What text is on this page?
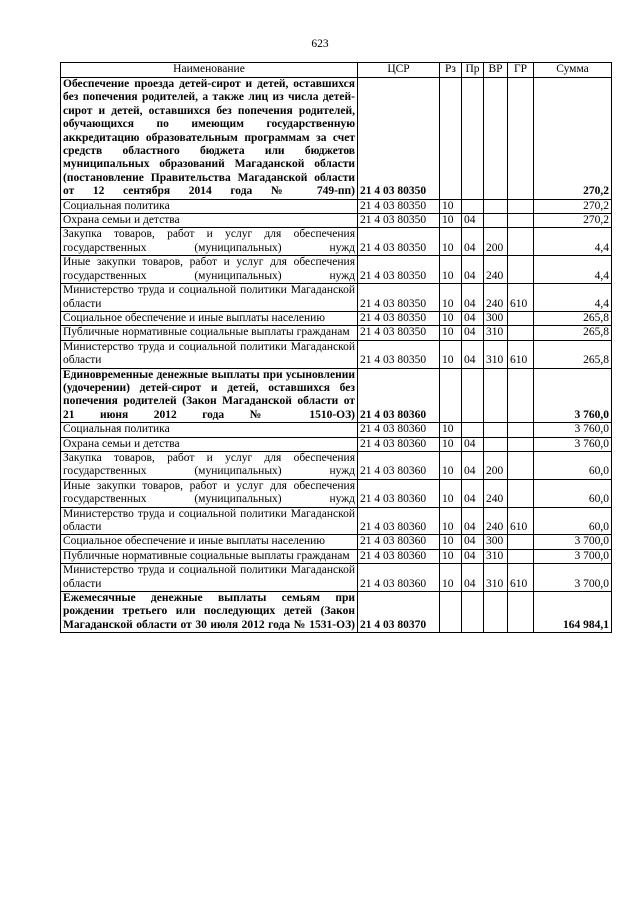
623
Наименование	ЦСР	Рз	Пр	ВР	ГР	Сумма
Обеспечение проезда детей-сирот и детей, оставшихся без попечения родителей, а также лиц из числа детей-сирот и детей, оставшихся без попечения родителей, обучающихся по имеющим государственную аккредитацию образовательным программам за счет средств областного бюджета или бюджетов муниципальных образований Магаданской области (постановление Правительства Магаданской области от 12 сентября 2014 года № 749-пп)	21 4 03 80350					270,2
Социальная политика	21 4 03 80350	10				270,2
Охрана семьи и детства	21 4 03 80350	10	04			270,2
Закупка товаров, работ и услуг для обеспечения государственных (муниципальных) нужд	21 4 03 80350	10	04	200		4,4
Иные закупки товаров, работ и услуг для обеспечения государственных (муниципальных) нужд	21 4 03 80350	10	04	240		4,4
Министерство труда и социальной политики Магаданской области	21 4 03 80350	10	04	240	610	4,4
Социальное обеспечение и иные выплаты населению	21 4 03 80350	10	04	300		265,8
Публичные нормативные социальные выплаты гражданам	21 4 03 80350	10	04	310		265,8
Министерство труда и социальной политики Магаданской области	21 4 03 80350	10	04	310	610	265,8
Единовременные денежные выплаты при усыновлении (удочерении) детей-сирот и детей, оставшихся без попечения родителей (Закон Магаданской области от 21 июня 2012 года № 1510-ОЗ)	21 4 03 80360					3 760,0
Социальная политика	21 4 03 80360	10				3 760,0
Охрана семьи и детства	21 4 03 80360	10	04			3 760,0
Закупка товаров, работ и услуг для обеспечения государственных (муниципальных) нужд	21 4 03 80360	10	04	200		60,0
Иные закупки товаров, работ и услуг для обеспечения государственных (муниципальных) нужд	21 4 03 80360	10	04	240		60,0
Министерство труда и социальной политики Магаданской области	21 4 03 80360	10	04	240	610	60,0
Социальное обеспечение и иные выплаты населению	21 4 03 80360	10	04	300		3 700,0
Публичные нормативные социальные выплаты гражданам	21 4 03 80360	10	04	310		3 700,0
Министерство труда и социальной политики Магаданской области	21 4 03 80360	10	04	310	610	3 700,0
Ежемесячные денежные выплаты семьям при рождении третьего или последующих детей (Закон Магаданской области от 30 июля 2012 года № 1531-ОЗ)	21 4 03 80370					164 984,1
